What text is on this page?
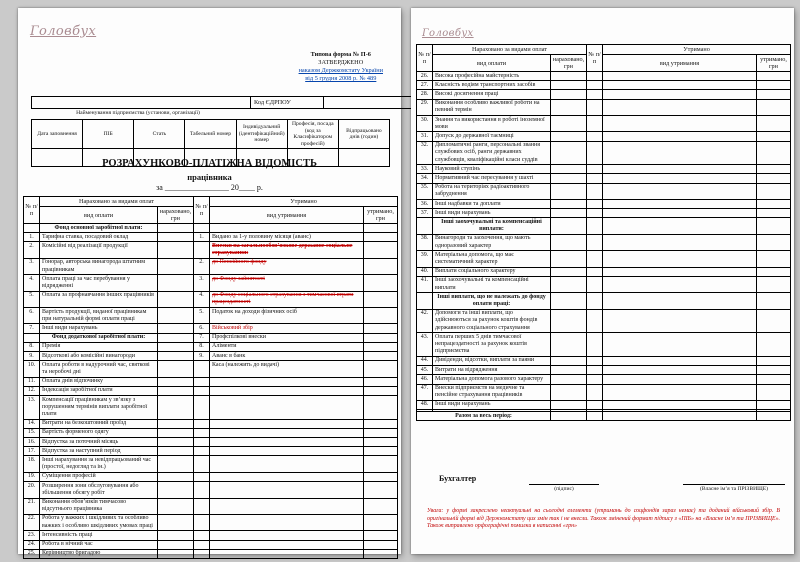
Головбух
Типова форма № П-6
ЗАТВЕРДЖЕНО
наказом Держкомстату України
від 5 грудня 2008 р. № 489
	Код ЄДРПОУ	
Найменування підприємства (установи, організації)
Дата заповнення	ПІБ	Стать	Табельний номер	Індивідуальний (ідентифікаційний) номер	Професія, посада (код за Класифікатором професій)	Відпрацьовано днів (годин)

РОЗРАХУНКОВО-ПЛАТІЖНА ВІДОМІСТЬ
працівника
за ________________ 20____ р.
№ п/п	Нараховано за видами оплат		№ п/п	Утримано	
	вид оплати	нараховано, грн		вид утримання	утримано, грн
	Фонд основної заробітної плати:				
1.	Тарифна ставка, посадовий оклад		1.	Видано за 1-у половину місяця (аванс)	
2.	Комісійні від реалізації продукції			Внески на загальнообов’язкове державне соціальне страхування:	
3.	Гонорар, авторська винагорода штатним працівникам		2.	до Пенсійного фонду	
4.	Оплата праці за час перебування у відрядженні		3.	до Фонду зайнятості	
5.	Оплата за профнавчання інших працівників		4.	до Фонду соціального страхування з тимчасової втрати працездатності	
6.	Вартість продукції, виданої працівникам при натуральній формі оплати праці		5.	Податок на доходи фізичних осіб	
7.	Інші види нарахувань		6.	Військовий збір	
	Фонд додаткової заробітної плати:		7.	Профспілкові внески	
8.	Премія		8.	Аліменти	
9.	Відсоткові або комісійні винагороди		9.	Аванс в банк	
10.	Оплата роботи в надурочний час, святкові та неробочі дні			Каса (належить до видачі)	
11.	Оплата днів відпочинку				
12.	Індексація заробітної плати				
13.	Компенсації працівникам у зв’язку з порушенням термінів виплати заробітної плати				
14.	Витрати на безкоштовний проїзд				
15.	Вартість форменого одягу				
16.	Відпустка за поточний місяць				
17.	Відпустка за наступний період				
18.	Інші нарахування за невідпрацьований час (простої, недогляд та ін.)				
19.	Суміщення професій				
20.	Розширення зони обслуговування або збільшення обсягу робіт				
21.	Виконання обов’язків тимчасово відсутнього працівника				
22.	Робота у важких і шкідливих та особливо важких і особливо шкідливих умовах праці				
23.	Інтенсивність праці				
24.	Робота в нічний час				
25.	Керівництво бригадою				
Головбух
№ п/п	Нараховано за видами оплат		№ п/п	Утримано	
	вид оплати	нараховано, грн		вид утримання	утримано, грн
26.	Висока професійна майстерність				
27.	Класність водіям транспортних засобів				
28.	Високі досягнення праці				
29.	Виконання особливо важливої роботи на певний термін				
30.	Знання та використання в роботі іноземної мови				
31.	Допуск до державної таємниці				
32.	Дипломатичні ранги, персональні звання службових осіб, ранги державних службовців, кваліфікаційні класи суддів				
33.	Науковий ступінь				
34.	Нормативний час пересування у шахті				
35.	Робота на територіях радіоактивного забруднення				
36.	Інші надбавки та доплати				
37.	Інші види нарахувань				
	Інші заохочувальні та компенсаційні виплати:				
38.	Винагороди та заохочення, що мають одноразовий характер				
39.	Матеріальна допомога, що має систематичний характер				
40.	Виплати соціального характеру				
41.	Інші заохочувальні та компенсаційні виплати				
	Інші виплати, що не належать до фонду оплати праці:				
42.	Допомоги та інші виплати, що здійснюються за рахунок коштів фондів державного соціального страхування				
43.	Оплата перших 5 днів тимчасової непрацездатності за рахунок коштів підприємства				
44.	Дивіденди, відсотки, виплати за паями				
45.	Витрати на відрядження				
46.	Матеріальна допомога разового характеру				
47.	Внески підприємств на медичне та пенсійне страхування працівників				
48.	Інші види нарахувань				

Разом за весь період:					
Бухгалтер
(підпис)	(Власне ім’я та ПРІЗВИЩЕ)
Увага: у формі закреслено неактуальні на сьогодні елементи (утримань до соцфондів зараз немає) та доданий військовий збір. В оригінальній формі від Держкомстату цих змін так і не внесли. Також змінений формат підпису з «ПІБ» на «Власне ім’я та ПРІЗВИЩЕ». Також виправлено орфографічні помилки в написанні «грн»
